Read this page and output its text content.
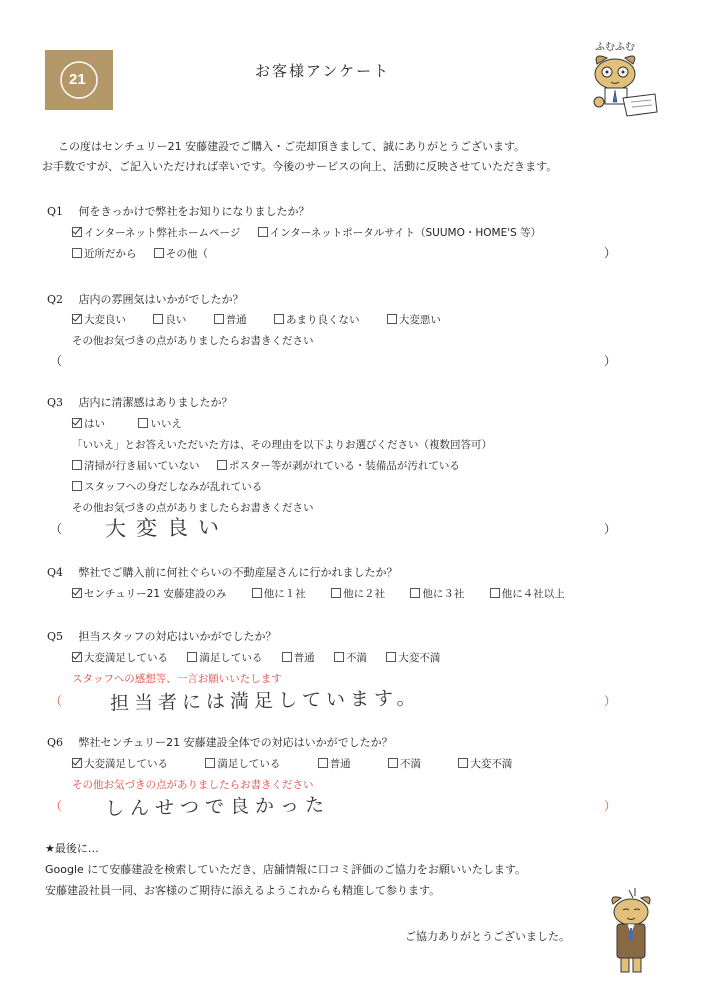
21	お客様アンケート
ふむふむ
この度はセンチュリー21 安藤建設でご購入・ご売却頂きまして、誠にありがとうございます。
お手数ですが、ご記入いただければ幸いです。今後のサービスの向上、活動に反映させていただきます。
Q1 何をきっかけで弊社をお知りになりましたか？
インターネット弊社ホームページ	インターネットポータルサイト（SUUMO・HOME'S 等）
近所だから	その他（	）
Q2 店内の雰囲気はいかがでしたか？
大変良い	良い	普通	あまり良くない	大変悪い
その他お気づきの点がありましたらお書きください
（	）
Q3 店内に清潔感はありましたか？
はい	いいえ
「いいえ」とお答えいただいた方は、その理由を以下よりお選びください（複数回答可）
清掃が行き届いていない	ポスター等が剥がれている・装備品が汚れている
スタッフへの身だしなみが乱れている
その他お気づきの点がありましたらお書きください
（ 大変良い	）
Q4 弊社でご購入前に何社ぐらいの不動産屋さんに行かれましたか？
センチュリー21 安藤建設のみ	他に１社	他に２社	他に３社	他に４社以上
Q5 担当スタッフの対応はいかがでしたか？
大変満足している	満足している	普通	不満	大変不満
スタッフへの感想等、一言お願いいたします
（	担当者には満足しています。	）
Q6 弊社センチュリー21 安藤建設全体での対応はいかがでしたか？
大変満足している	満足している	普通	不満	大変不満
その他お気づきの点がありましたらお書きください
（ しんせつで良かった	）
★最後に…
Google にて安藤建設を検索していただき、店舗情報に口コミ評価のご協力をお願いいたします。
安藤建設社員一同、お客様のご期待に添えるようこれからも精進して参ります。
ご協力ありがとうございました。
